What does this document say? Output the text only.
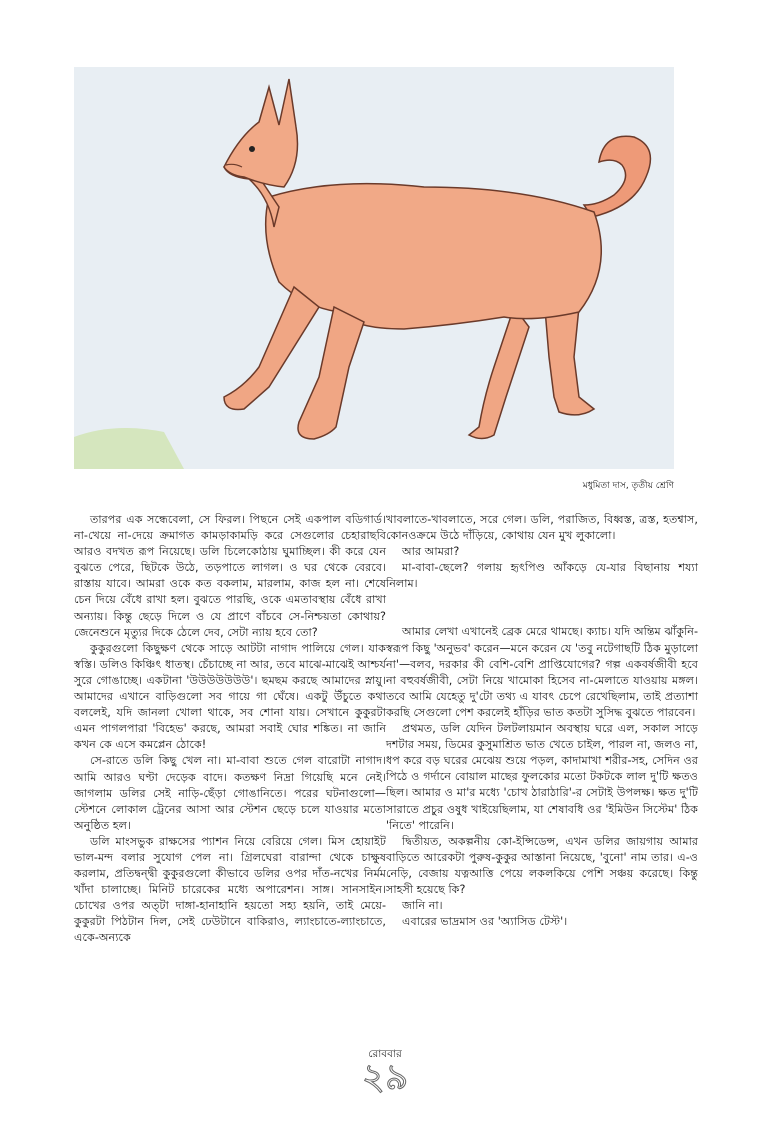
মধুমিতা দাস, তৃতীয় শ্রেণি

তারপর এক সন্ধেবেলা, সে ফিরল। পিছনে সেই একপাল বডিগার্ড। না-খেয়ে না-দেয়ে ক্রমাগত কামড়াকামড়ি করে সেগুলোর চেহারাছবি আরও বদখত রূপ নিয়েছে। ডলি চিলেকোঠায় ঘুমাচ্ছিল। কী করে যেন বুঝতে পেরে, ছিটকে উঠে, তড়পাতে লাগল। ও ঘর থেকে বেরবে। রাস্তায় যাবে। আমরা ওকে কত বকলাম, মারলাম, কাজ হল না। শেষে চেন দিয়ে বেঁধে রাখা হল। বুঝতে পারছি, ওকে এমতাবস্থায় বেঁধে রাখা অন্যায়। কিন্তু ছেড়ে দিলে ও যে প্রাণে বাঁচবে সে-নিশ্চয়তা কোথায়? জেনেশুনে মৃত্যুর দিকে ঠেলে দেব, সেটা ন্যায় হবে তো?

কুকুরগুলো কিছুক্ষণ থেকে সাড়ে আটটা নাগাদ পালিয়ে গেল। যাক স্বস্তি। ডলিও কিঞ্চিৎ ধাতস্থ। চেঁচাচ্ছে না আর, তবে মাঝে-মাঝেই আশ্চর্য সুরে গোঙাচ্ছে। একটানা 'উউউউউউউ'। ছমছম করছে আমাদের স্নায়ু। আমাদের এখানে বাড়িগুলো সব গায়ে গা ঘেঁষে। একটু উঁচুতে কথা বললেই, যদি জানলা খোলা থাকে, সব শোনা যায়। সেখানে কুকুরটা এমন পাগলপারা 'বিহেভ' করছে, আমরা সবাই ঘোর শঙ্কিত। না জানি কখন কে এসে কমপ্লেন ঠোকে!

সে-রাতে ডলি কিছু খেল না। মা-বাবা শুতে গেল বারোটা নাগাদ। আমি আরও ঘণ্টা দেড়েক বাদে। কতক্ষণ নিদ্রা গিয়েছি মনে নেই। জাগলাম ডলির সেই নাড়ি-ছেঁড়া গোঙানিতে। পরের ঘটনাগুলো—স্টেশনে লোকাল ট্রেনের আসা আর স্টেশন ছেড়ে চলে যাওয়ার মতো অনুষ্ঠিত হল।

ডলি মাংসভুক রাক্ষসের প্যাশন নিয়ে বেরিয়ে গেল। মিস হোয়াইট ভাল-মন্দ বলার সুযোগ পেল না। গ্রিলঘেরা বারান্দা থেকে চাক্ষুষ করলাম, প্রতিদ্বন্দ্বী কুকুরগুলো কীভাবে ডলির ওপর দাঁত-নখের নির্মম খাঁদা চালাচ্ছে। মিনিট চারেকের মধ্যে অপারেশন। সাঙ্গ। সানসাইন। চোখের ওপর অত্টা দাঙ্গা-হানাহানি হয়তো সহ্য হয়নি, তাই মেয়ে-কুকুরটা পিঠটান দিল, সেই ঢেউটানে বাকিরাও, ল্যাংচাতে-ল্যাংচাতে, একে-অন্যকে

খাবলাতে-খাবলাতে, সরে গেল। ডলি, পরাজিত, বিধ্বস্ত, ত্রস্ত, হতশ্বাস, কোনওক্রমে উঠে দাঁড়িয়ে, কোথায় যেন মুখ লুকালো।

আর আমরা?

মা-বাবা-ছেলে? গলায় হৃৎপিণ্ড আঁকড়ে যে-যার বিছানায় শয্যা নিলাম।

আমার লেখা এখানেই ব্রেক মেরে থামছে। ক্যাচ। যদি অন্তিম ঝাঁকুনি-স্বরূপ কিছু 'অনুভব' করেন—মনে করেন যে 'তবু নটেগাছটি ঠিক মুড়ালো না'—বলব, দরকার কী বেশি-বেশি প্রাপ্তিযোগের? গল্প একবর্ষজীবী হবে না বহুবর্ষজীবী, সেটা নিয়ে খামোকা হিসেব না-মেলাতে যাওয়ায় মঙ্গল। তবে আমি যেহেতু দু'টো তথ্য এ যাবৎ চেপে রেখেছিলাম, তাই প্রত্যাশা করছি সেগুলো পেশ করলেই হাঁড়ির ভাত কতটা সুসিদ্ধ বুঝতে পারবেন।

প্রথমত, ডলি যেদিন টলটলায়মান অবস্থায় ঘরে এল, সকাল সাড়ে দশটার সময়, ডিমের কুসুমাশ্রিত ভাত খেতে চাইল, পারল না, জলও না, ধপ করে বড় ঘরের মেঝেয় শুয়ে পড়ল, কাদামাখা শরীর-সহ, সেদিন ওর পিঠে ও গর্দানে বোয়াল মাছের ফুলকোর মতো টকটকে লাল দু'টি ক্ষতও ছিল। আমার ও মা'র মধ্যে 'চোখ ঠারাঠারি'-র সেটাই উপলক্ষ। ক্ষত দু'টি সারাতে প্রচুর ওষুধ খাইয়েছিলাম, যা শেষাবধি ওর 'ইমিউন সিস্টেম' ঠিক 'নিতে' পারেনি।

দ্বিতীয়ত, অকল্পনীয় কো-ইন্সিডেন্স, এখন ডলির জায়গায় আমার বাড়িতে আরেকটা পুরুষ-কুকুর আস্তানা নিয়েছে, 'বুনো' নাম তার। এ-ও নেড়ি, বেজায় যত্নআত্তি পেয়ে লকলকিয়ে পেশি সঞ্চয় করেছে। কিন্তু সাহসী হয়েছে কি?

জানি না।

এবারের ভাদ্রমাস ওর 'অ্যাসিড টেস্ট'।

রোববার
২৯
